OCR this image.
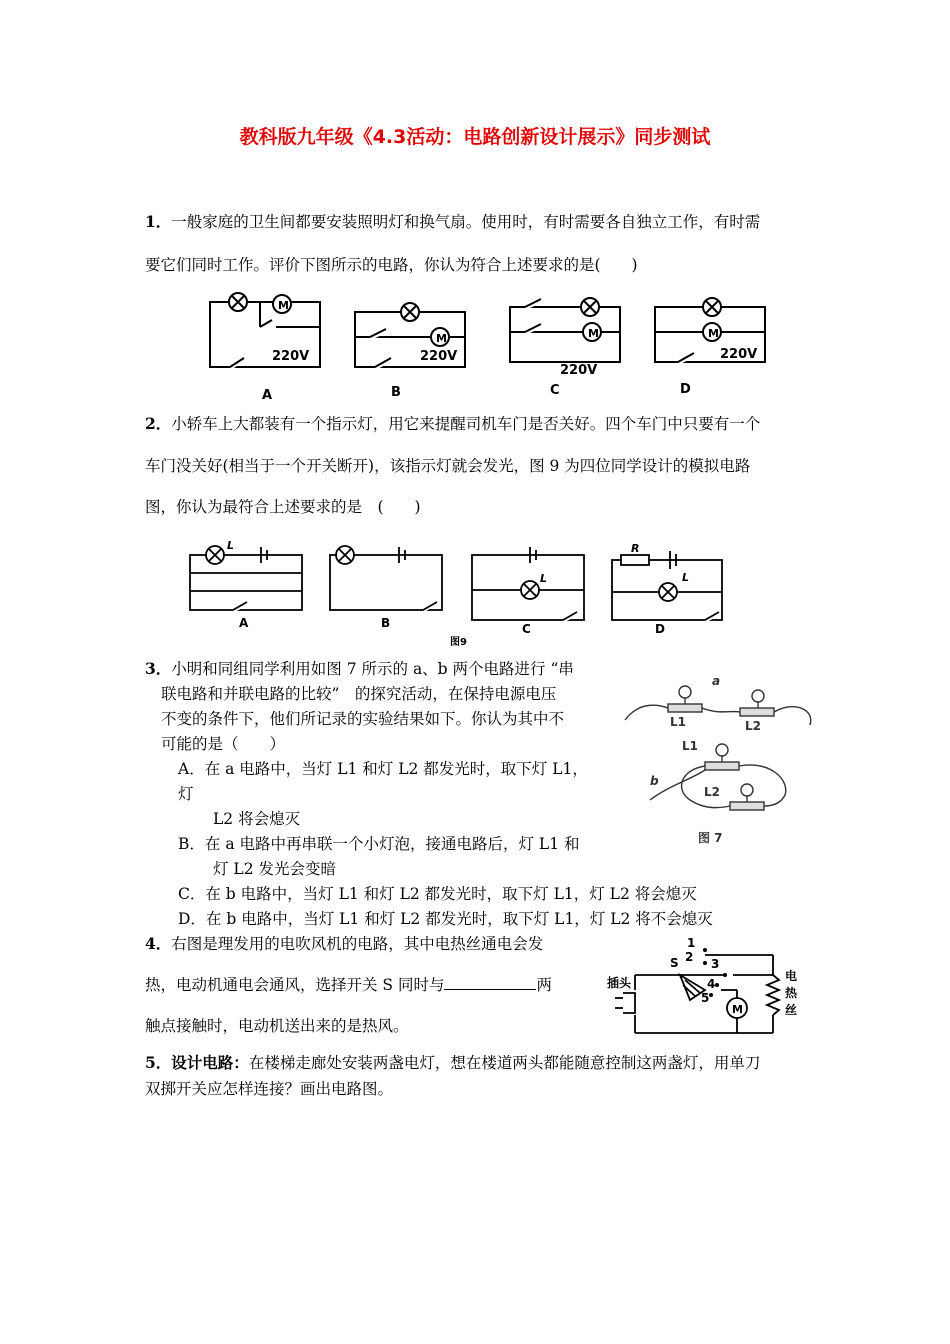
教科版九年级《4.3活动：电路创新设计展示》同步测试
1．一般家庭的卫生间都要安装照明灯和换气扇。使用时，有时需要各自独立工作，有时需
要它们同时工作。评价下图所示的电路，你认为符合上述要求的是(　　)
M
M	M	M
220V	220V
220V
220V
A	B	C	D
2．小轿车上大都装有一个指示灯，用它来提醒司机车门是否关好。四个车门中只要有一个
车门没关好(相当于一个开关断开)，该指示灯就会发光，图 9 为四位同学设计的模拟电路
图，你认为最符合上述要求的是　(　　)
L
L	L
R
A	B	C	D
图9
3．小明和同组同学利用如图 7 所示的 a、b 两个电路进行 “串
联电路和并联电路的比较”　的探究活动，在保持电源电压
不变的条件下，他们所记录的实验结果如下。你认为其中不
可能的是（　　）
A．在 a 电路中，当灯 L1 和灯 L2 都发光时，取下灯 L1，
灯
L2 将会熄灭
B．在 a 电路中再串联一个小灯泡，接通电路后，灯 L1 和
灯 L2 发光会变暗
C．在 b 电路中，当灯 L1 和灯 L2 都发光时，取下灯 L1，灯 L2 将会熄灭
D．在 b 电路中，当灯 L1 和灯 L2 都发光时，取下灯 L1，灯 L2 将不会熄灭
a
b
L1	L2
L1
L2
图 7
4．右图是理发用的电吹风机的电路，其中电热丝通电会发
热，电动机通电会通风，选择开关 S 同时与	两
触点接触时，电动机送出来的是热风。
1
2 3
4
5
S
插头
M
电
热
丝
5．设计电路：在楼梯走廊处安装两盏电灯，想在楼道两头都能随意控制这两盏灯，用单刀
双掷开关应怎样连接？画出电路图。
